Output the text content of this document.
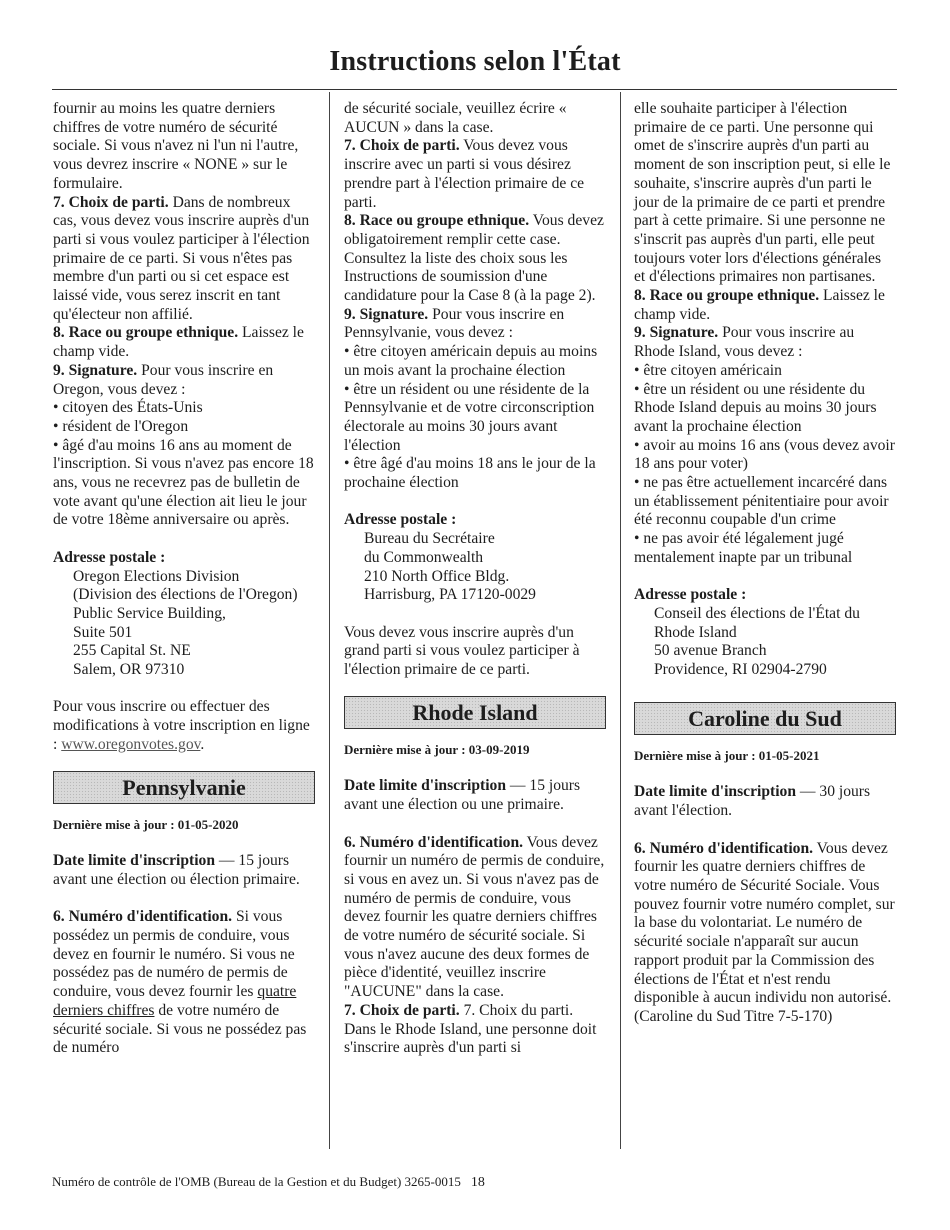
Instructions selon l'État

fournir au moins les quatre derniers chiffres de votre numéro de sécurité sociale. Si vous n'avez ni l'un ni l'autre, vous devrez inscrire « NONE » sur le formulaire.

7. Choix de parti. Dans de nombreux cas, vous devez vous inscrire auprès d'un parti si vous voulez participer à l'élection primaire de ce parti. Si vous n'êtes pas membre d'un parti ou si cet espace est laissé vide, vous serez inscrit en tant qu'électeur non affilié.

8. Race ou groupe ethnique. Laissez le champ vide.

9. Signature. Pour vous inscrire en Oregon, vous devez :

• citoyen des États-Unis

• résident de l'Oregon

• âgé d'au moins 16 ans au moment de l'inscription. Si vous n'avez pas encore 18 ans, vous ne recevrez pas de bulletin de vote avant qu'une élection ait lieu le jour de votre 18ème anniversaire ou après.

Adresse postale :

Oregon Elections Division

(Division des élections de l'Oregon)

Public Service Building,

Suite 501

255 Capital St. NE

Salem, OR 97310

Pour vous inscrire ou effectuer des modifications à votre inscription en ligne : www.oregonvotes.gov.

Pennsylvanie

Dernière mise à jour : 01-05-2020

Date limite d'inscription — 15 jours avant une élection ou élection primaire.

6. Numéro d'identification. Si vous possédez un permis de conduire, vous devez en fournir le numéro. Si vous ne possédez pas de numéro de permis de conduire, vous devez fournir les quatre derniers chiffres de votre numéro de sécurité sociale. Si vous ne possédez pas de numéro

de sécurité sociale, veuillez écrire « AUCUN » dans la case.

7. Choix de parti. Vous devez vous inscrire avec un parti si vous désirez prendre part à l'élection primaire de ce parti.

8. Race ou groupe ethnique. Vous devez obligatoirement remplir cette case. Consultez la liste des choix sous les Instructions de soumission d'une candidature pour la Case 8 (à la page 2).

9. Signature. Pour vous inscrire en Pennsylvanie, vous devez :

• être citoyen américain depuis au moins un mois avant la prochaine élection

• être un résident ou une résidente de la Pennsylvanie et de votre circonscription électorale au moins 30 jours avant l'élection

• être âgé d'au moins 18 ans le jour de la prochaine élection

Adresse postale :

Bureau du Secrétaire

du Commonwealth

210 North Office Bldg.

Harrisburg, PA 17120-0029

Vous devez vous inscrire auprès d'un grand parti si vous voulez participer à l'élection primaire de ce parti.

Rhode Island

Dernière mise à jour : 03-09-2019

Date limite d'inscription — 15 jours avant une élection ou une primaire.

6. Numéro d'identification. Vous devez fournir un numéro de permis de conduire, si vous en avez un. Si vous n'avez pas de numéro de permis de conduire, vous devez fournir les quatre derniers chiffres de votre numéro de sécurité sociale. Si vous n'avez aucune des deux formes de pièce d'identité, veuillez inscrire "AUCUNE" dans la case.

7. Choix de parti. 7. Choix du parti. Dans le Rhode Island, une personne doit s'inscrire auprès d'un parti si

elle souhaite participer à l'élection primaire de ce parti. Une personne qui omet de s'inscrire auprès d'un parti au moment de son inscription peut, si elle le souhaite, s'inscrire auprès d'un parti le jour de la primaire de ce parti et prendre part à cette primaire. Si une personne ne s'inscrit pas auprès d'un parti, elle peut toujours voter lors d'élections générales et d'élections primaires non partisanes.

8. Race ou groupe ethnique. Laissez le champ vide.

9. Signature. Pour vous inscrire au Rhode Island, vous devez :

• être citoyen américain

• être un résident ou une résidente du Rhode Island depuis au moins 30 jours avant la prochaine élection

• avoir au moins 16 ans (vous devez avoir 18 ans pour voter)

• ne pas être actuellement incarcéré dans un établissement pénitentiaire pour avoir été reconnu coupable d'un crime

• ne pas avoir été légalement jugé mentalement inapte par un tribunal

Adresse postale :

Conseil des élections de l'État du Rhode Island

50 avenue Branch

Providence, RI 02904-2790

Caroline du Sud

Dernière mise à jour : 01-05-2021

Date limite d'inscription — 30 jours avant l'élection.

6. Numéro d'identification. Vous devez fournir les quatre derniers chiffres de votre numéro de Sécurité Sociale. Vous pouvez fournir votre numéro complet, sur la base du volontariat. Le numéro de sécurité sociale n'apparaît sur aucun rapport produit par la Commission des élections de l'État et n'est rendu disponible à aucun individu non autorisé. (Caroline du Sud Titre 7-5-170)

Numéro de contrôle de l'OMB (Bureau de la Gestion et du Budget) 3265-0015 18
